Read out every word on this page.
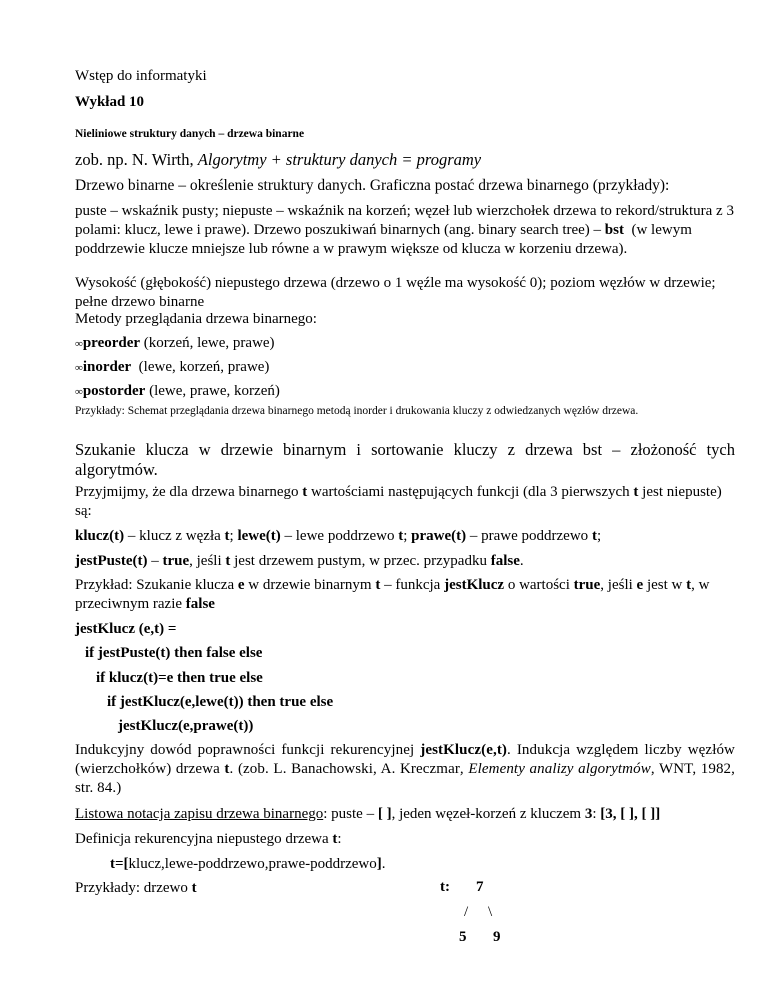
Wstęp do informatyki
Wykład 10
Nieliniowe struktury danych – drzewa binarne
zob. np. N. Wirth, Algorytmy + struktury danych = programy
Drzewo binarne – określenie struktury danych. Graficzna postać drzewa binarnego (przykłady):
puste – wskaźnik pusty; niepuste – wskaźnik na korzeń; węzeł lub wierzchołek drzewa to rekord/struktura z 3 polami: klucz, lewe i prawe). Drzewo poszukiwań binarnych (ang. binary search tree) – bst  (w lewym poddrzewie klucze mniejsze lub równe a w prawym większe od klucza w korzeniu drzewa).
Wysokość (głębokość) niepustego drzewa (drzewo o 1 węźle ma wysokość 0); poziom węzłów w drzewie; pełne drzewo binarne
Metody przeglądania drzewa binarnego:
∞preorder (korzeń, lewe, prawe)
∞inorder  (lewe, korzeń, prawe)
∞postorder (lewe, prawe, korzeń)
Przykłady: Schemat przeglądania drzewa binarnego metodą inorder i drukowania kluczy z odwiedzanych węzłów drzewa.
Szukanie klucza w drzewie binarnym i sortowanie kluczy z drzewa bst – złożoność tych algorytmów.
Przyjmijmy, że dla drzewa binarnego t wartościami następujących funkcji (dla 3 pierwszych t jest niepuste) są:
klucz(t) – klucz z węzła t; lewe(t) – lewe poddrzewo t; prawe(t) – prawe poddrzewo t;
jestPuste(t) – true, jeśli t jest drzewem pustym, w przec. przypadku false.
Przykład: Szukanie klucza e w drzewie binarnym t – funkcja jestKlucz o wartości true, jeśli e jest w t, w przeciwnym razie false
jestKlucz (e,t) =
if jestPuste(t) then false else
if klucz(t)=e then true else
if jestKlucz(e,lewe(t)) then true else
jestKlucz(e,prawe(t))
Indukcyjny dowód poprawności funkcji rekurencyjnej jestKlucz(e,t). Indukcja względem liczby węzłów (wierzchołków) drzewa t. (zob. L. Banachowski, A. Kreczmar, Elementy analizy algorytmów, WNT, 1982, str. 84.)
Listowa notacja zapisu drzewa binarnego: puste – [ ], jeden węzeł-korzeń z kluczem 3: [3, [ ], [ ]]
Definicja rekurencyjna niepustego drzewa t:
t=[klucz,lewe-poddrzewo,prawe-poddrzewo].
Przykłady: drzewo t	t: 7
/ \
5 9
